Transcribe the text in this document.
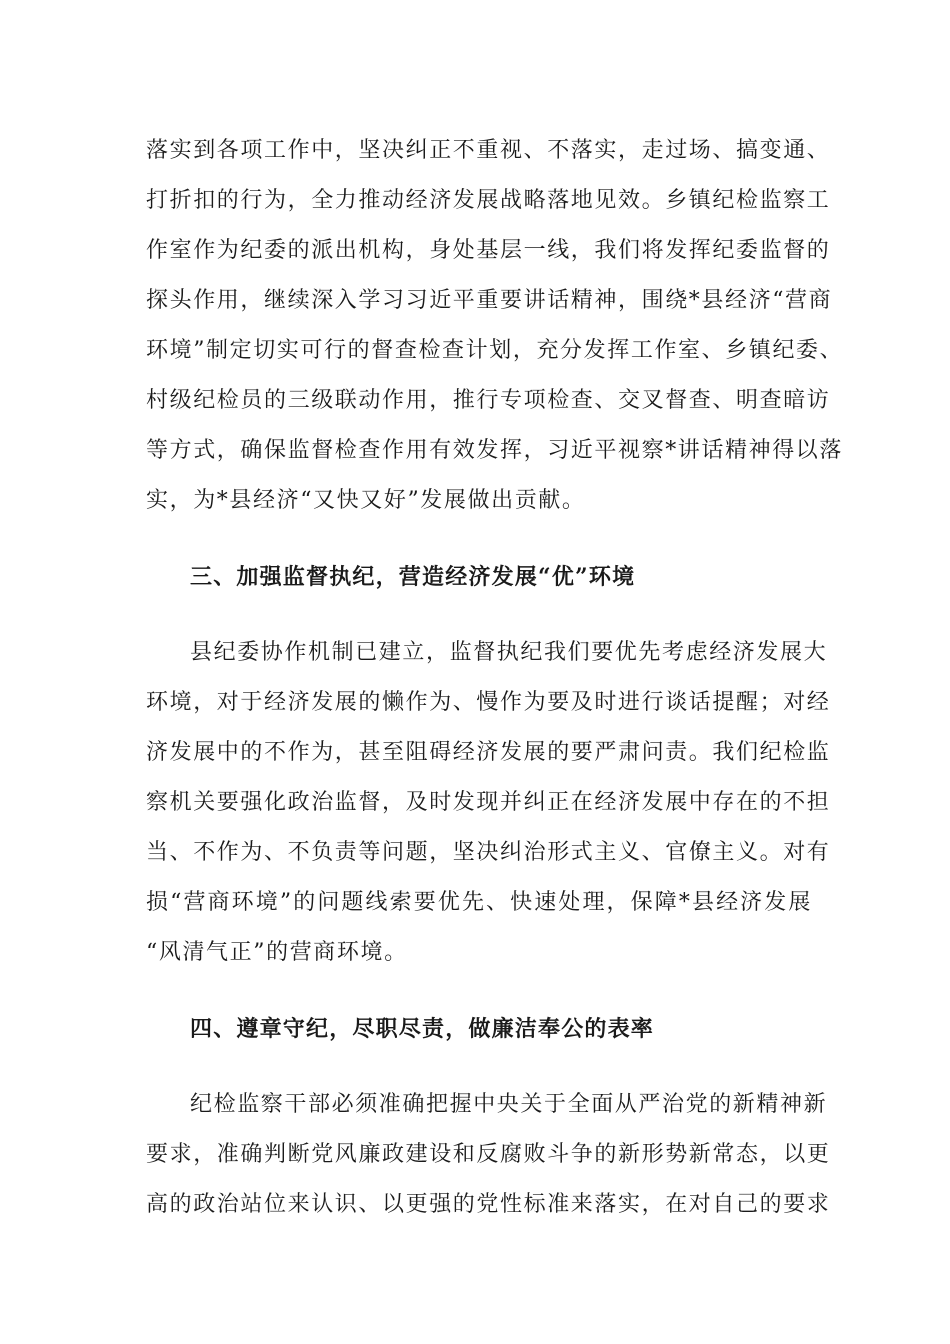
落实到各项工作中，坚决纠正不重视、不落实，走过场、搞变通、
打折扣的行为，全力推动经济发展战略落地见效。乡镇纪检监察工
作室作为纪委的派出机构，身处基层一线，我们将发挥纪委监督的
探头作用，继续深入学习习近平重要讲话精神，围绕*县经济“营商
环境”制定切实可行的督查检查计划，充分发挥工作室、乡镇纪委、
村级纪检员的三级联动作用，推行专项检查、交叉督查、明查暗访
等方式，确保监督检查作用有效发挥，习近平视察*讲话精神得以落
实，为*县经济“又快又好”发展做出贡献。
三、加强监督执纪，营造经济发展“优”环境
县纪委协作机制已建立，监督执纪我们要优先考虑经济发展大
环境，对于经济发展的懒作为、慢作为要及时进行谈话提醒；对经
济发展中的不作为，甚至阻碍经济发展的要严肃问责。我们纪检监
察机关要强化政治监督，及时发现并纠正在经济发展中存在的不担
当、不作为、不负责等问题，坚决纠治形式主义、官僚主义。对有
损“营商环境”的问题线索要优先、快速处理，保障*县经济发展
“风清气正”的营商环境。
四、遵章守纪，尽职尽责，做廉洁奉公的表率
纪检监察干部必须准确把握中央关于全面从严治党的新精神新
要求，准确判断党风廉政建设和反腐败斗争的新形势新常态，以更
高的政治站位来认识、以更强的党性标准来落实，在对自己的要求
